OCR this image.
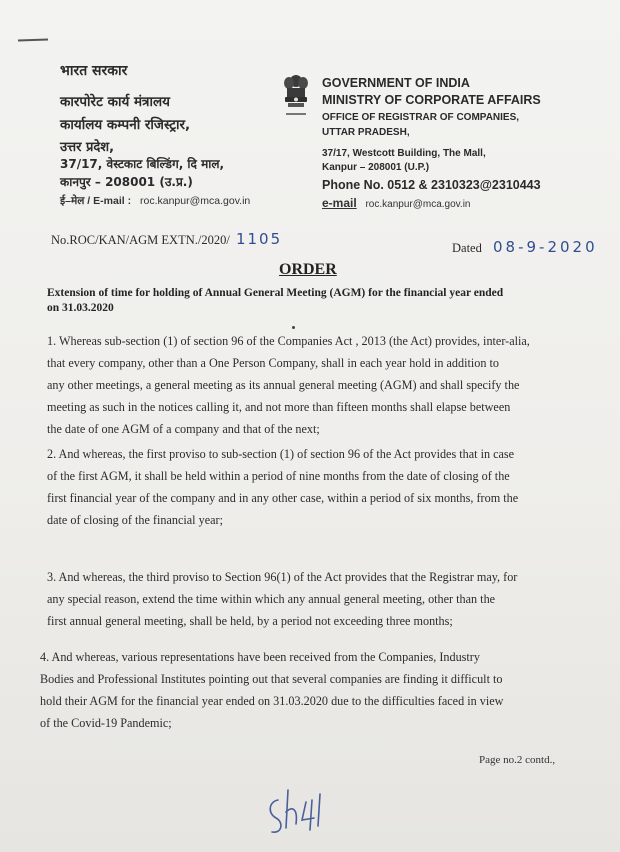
भारत सरकार
कारपोरेट कार्य मंत्रालय
कार्यालय कम्पनी रजिस्ट्रार,
उत्तर प्रदेश,
37/17, वेस्टकाट बिल्डिंग, दि माल,
कानपुर – 208001 (उ.प्र.)
ई–मेल / E-mail : roc.kanpur@mca.gov.in
GOVERNMENT OF INDIA
MINISTRY OF CORPORATE AFFAIRS
OFFICE OF REGISTRAR OF COMPANIES,
UTTAR PRADESH,
37/17, Westcott Building, The Mall,
Kanpur – 208001 (U.P.)
Phone No. 0512 & 2310323@2310443
e-mail roc.kanpur@mca.gov.in
No.ROC/KAN/AGM EXTN./2020/ 1105	Dated 08-9-2020
ORDER
Extension of time for holding of Annual General Meeting (AGM) for the financial year ended
on 31.03.2020
1. Whereas sub-section (1) of section 96 of the Companies Act , 2013 (the Act) provides, inter-alia,
that every company, other than a One Person Company, shall in each year hold in addition to
any other meetings, a general meeting as its annual general meeting (AGM) and shall specify the
meeting as such in the notices calling it, and not more than fifteen months shall elapse between
the date of one AGM of a company and that of the next;
2. And whereas, the first proviso to sub-section (1) of section 96 of the Act provides that in case
of the first AGM, it shall be held within a period of nine months from the date of closing of the
first financial year of the company and in any other case, within a period of six months, from the
date of closing of the financial year;
3. And whereas, the third proviso to Section 96(1) of the Act provides that the Registrar may, for
any special reason, extend the time within which any annual general meeting, other than the
first annual general meeting, shall be held, by a period not exceeding three months;
4. And whereas, various representations have been received from the Companies, Industry
Bodies and Professional Institutes pointing out that several companies are finding it difficult to
hold their AGM for the financial year ended on 31.03.2020 due to the difficulties faced in view
of the Covid-19 Pandemic;
Page no.2 contd.,
